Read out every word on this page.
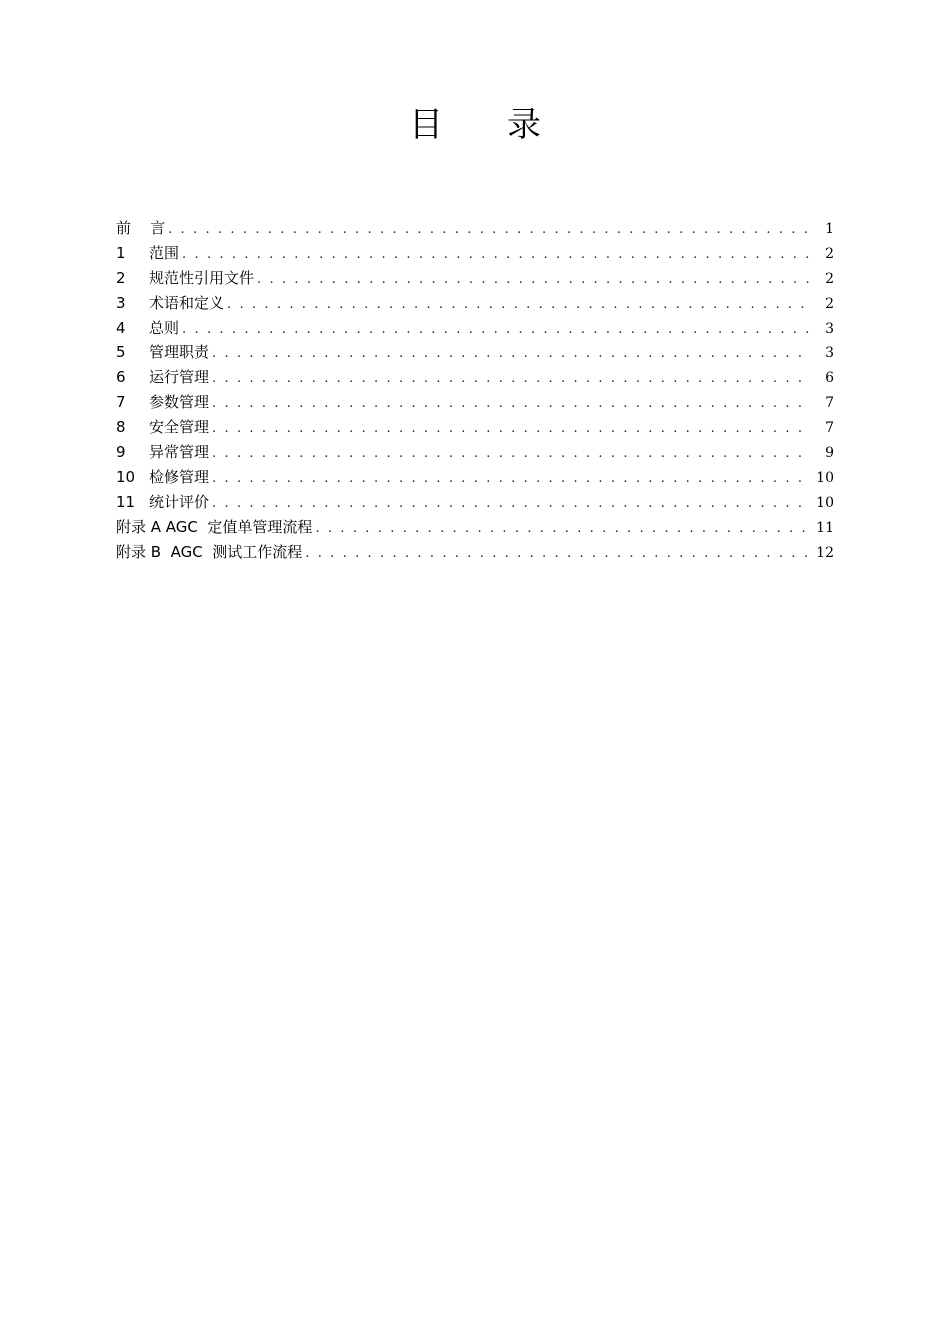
目录
前    言 . . .	1
1	范围 . . .	2
2	规范性引用文件 . . .	2
3	术语和定义 . . .	2
4	总则 . . .	3
5	管理职责 . . .	3
6	运行管理 . . .	6
7	参数管理 . . .	7
8	安全管理 . . .	7
9	异常管理 . . .	9
10 检修管理 . . .	10
11 统计评价 . . .	10
附录 A AGC  定值单管理流程 . . .	11
附录 B  AGC  测试工作流程 . . .	12
